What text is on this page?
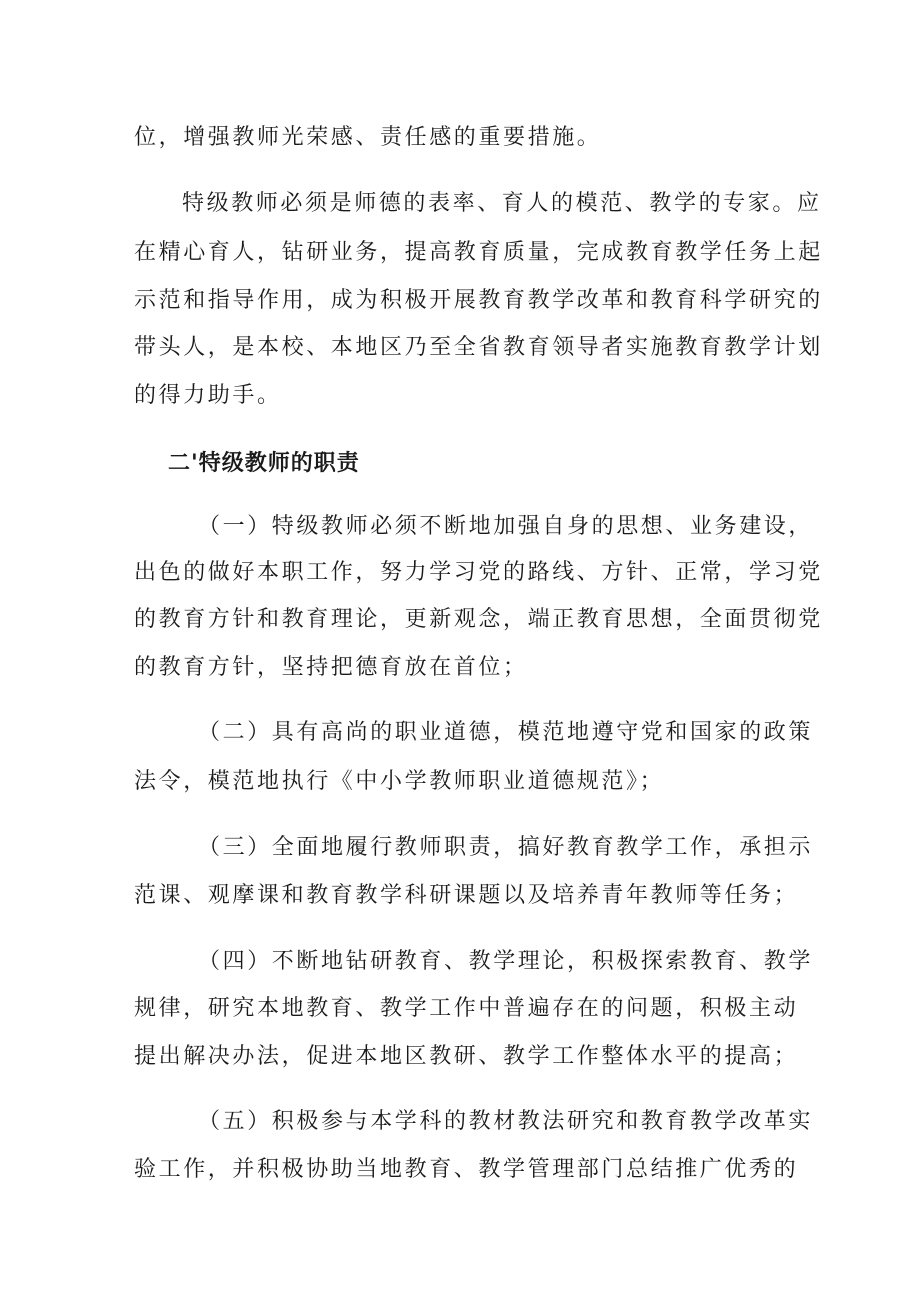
位，增强教师光荣感、责任感的重要措施。
特级教师必须是师德的表率、育人的模范、教学的专家。应
在精心育人，钻研业务，提高教育质量，完成教育教学任务上起
示范和指导作用，成为积极开展教育教学改革和教育科学研究的
带头人，是本校、本地区乃至全省教育领导者实施教育教学计划
的得力助手。
二'特级教师的职责
（一）特级教师必须不断地加强自身的思想、业务建设，
出色的做好本职工作，努力学习党的路线、方针、正常，学习党
的教育方针和教育理论，更新观念，端正教育思想，全面贯彻党
的教育方针，坚持把德育放在首位；
（二）具有高尚的职业道德，模范地遵守党和国家的政策
法令，模范地执行《中小学教师职业道德规范》；
（三）全面地履行教师职责，搞好教育教学工作，承担示
范课、观摩课和教育教学科研课题以及培养青年教师等任务；
（四）不断地钻研教育、教学理论，积极探索教育、教学
规律，研究本地教育、教学工作中普遍存在的问题，积极主动
提出解决办法，促进本地区教研、教学工作整体水平的提高；
（五）积极参与本学科的教材教法研究和教育教学改革实
验工作，并积极协助当地教育、教学管理部门总结推广优秀的
